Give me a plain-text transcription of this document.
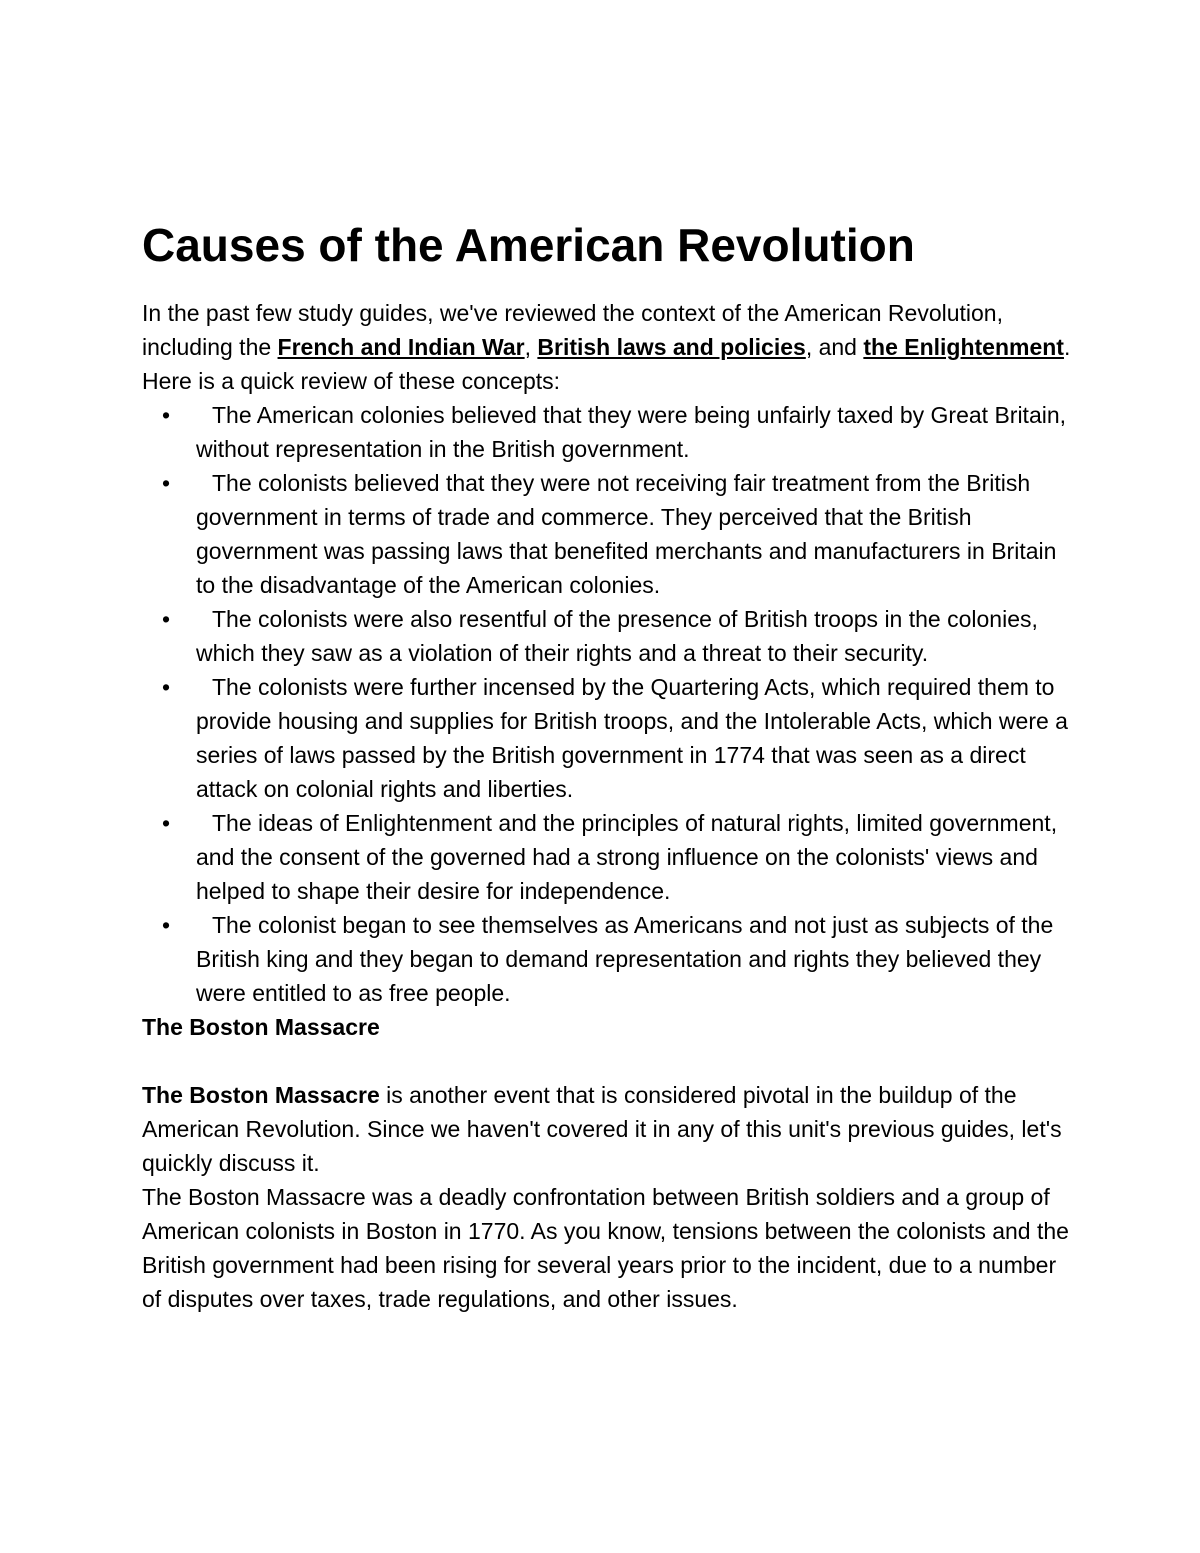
Causes of the American Revolution

In the past few study guides, we've reviewed the context of the American Revolution, including the French and Indian War, British laws and policies, and the Enlightenment. Here is a quick review of these concepts:

• The American colonies believed that they were being unfairly taxed by Great Britain, without representation in the British government.
• The colonists believed that they were not receiving fair treatment from the British government in terms of trade and commerce. They perceived that the British government was passing laws that benefited merchants and manufacturers in Britain to the disadvantage of the American colonies.
• The colonists were also resentful of the presence of British troops in the colonies, which they saw as a violation of their rights and a threat to their security.
• The colonists were further incensed by the Quartering Acts, which required them to provide housing and supplies for British troops, and the Intolerable Acts, which were a series of laws passed by the British government in 1774 that was seen as a direct attack on colonial rights and liberties.
• The ideas of Enlightenment and the principles of natural rights, limited government, and the consent of the governed had a strong influence on the colonists' views and helped to shape their desire for independence.
• The colonist began to see themselves as Americans and not just as subjects of the British king and they began to demand representation and rights they believed they were entitled to as free people.
The Boston Massacre

The Boston Massacre is another event that is considered pivotal in the buildup of the American Revolution. Since we haven't covered it in any of this unit's previous guides, let's quickly discuss it.

The Boston Massacre was a deadly confrontation between British soldiers and a group of American colonists in Boston in 1770. As you know, tensions between the colonists and the British government had been rising for several years prior to the incident, due to a number of disputes over taxes, trade regulations, and other issues.
